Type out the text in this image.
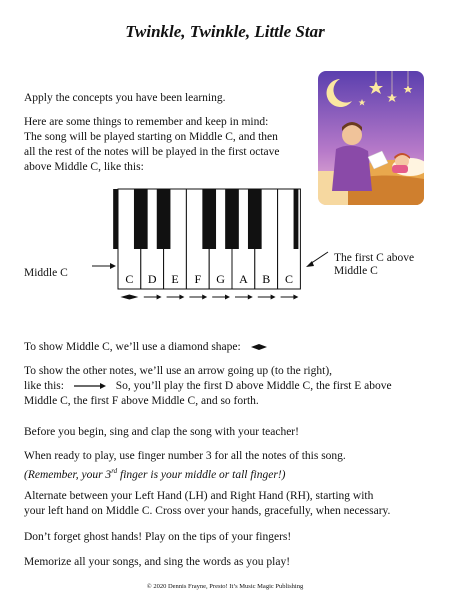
Twinkle, Twinkle, Little Star
Apply the concepts you have been learning.
Here are some things to remember and keep in mind:
The song will be played starting on Middle C, and then
all the rest of the notes will be played in the first octave
above Middle C, like this:
C D E F G A B C
Middle C
The first C above
Middle C
To show Middle C, we’ll use a diamond shape:
To show the other notes, we’ll use an arrow going up (to the right),
like this:	So, you’ll play the first D above Middle C, the first E above
Middle C, the first F above Middle C, and so forth.
Before you begin, sing and clap the song with your teacher!
When ready to play, use finger number 3 for all the notes of this song.
(Remember, your 3rd finger is your middle or tall finger!)
Alternate between your Left Hand (LH) and Right Hand (RH), starting with
your left hand on Middle C. Cross over your hands, gracefully, when necessary.
Don’t forget ghost hands! Play on the tips of your fingers!
Memorize all your songs, and sing the words as you play!
© 2020 Dennis Frayne, Presto! It’s Music Magic Publishing
